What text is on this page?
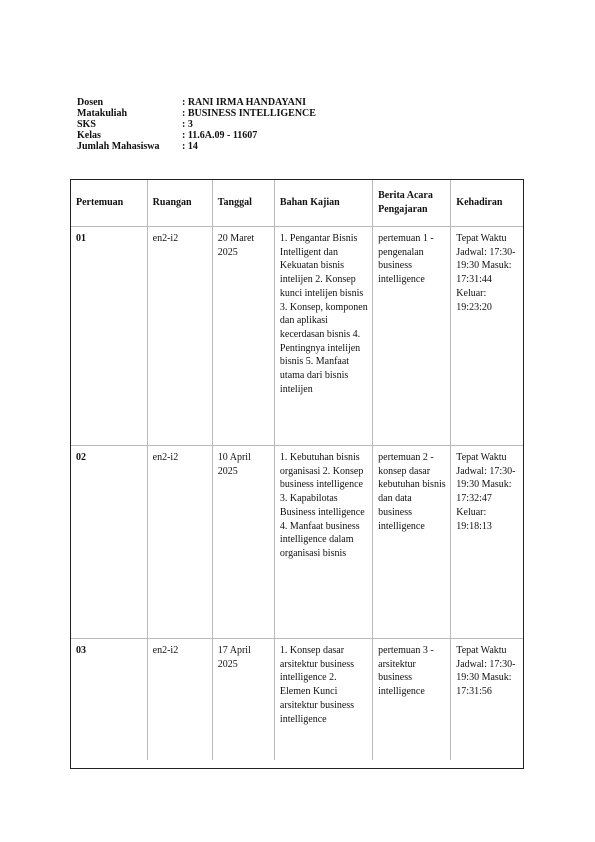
Dosen	: RANI IRMA HANDAYANI
Matakuliah	: BUSINESS INTELLIGENCE
SKS	: 3
Kelas	: 11.6A.09 - 11607
Jumlah Mahasiswa	: 14
Pertemuan	Ruangan	Tanggal	Bahan Kajian	Berita Acara Pengajaran	Kehadiran
01	en2-i2	20 Maret 2025	1. Pengantar Bisnis Intelligent dan Kekuatan bisnis intelijen 2. Konsep kunci intelijen bisnis 3. Konsep, komponen dan aplikasi kecerdasan bisnis 4. Pentingnya intelijen bisnis 5. Manfaat utama dari bisnis intelijen	pertemuan 1 - pengenalan business intelligence	Tepat Waktu Jadwal: 17:30-19:30 Masuk: 17:31:44 Keluar: 19:23:20
02	en2-i2	10 April 2025	1. Kebutuhan bisnis organisasi 2. Konsep business intelligence 3. Kapabilotas Business intelligence 4. Manfaat business intelligence dalam organisasi bisnis	pertemuan 2 - konsep dasar kebutuhan bisnis dan data business intelligence	Tepat Waktu Jadwal: 17:30-19:30 Masuk: 17:32:47 Keluar: 19:18:13
03	en2-i2	17 April 2025	1. Konsep dasar arsitektur business intelligence 2. Elemen Kunci arsitektur business intelligence	pertemuan 3 - arsitektur business intelligence	Tepat Waktu Jadwal: 17:30-19:30 Masuk: 17:31:56
